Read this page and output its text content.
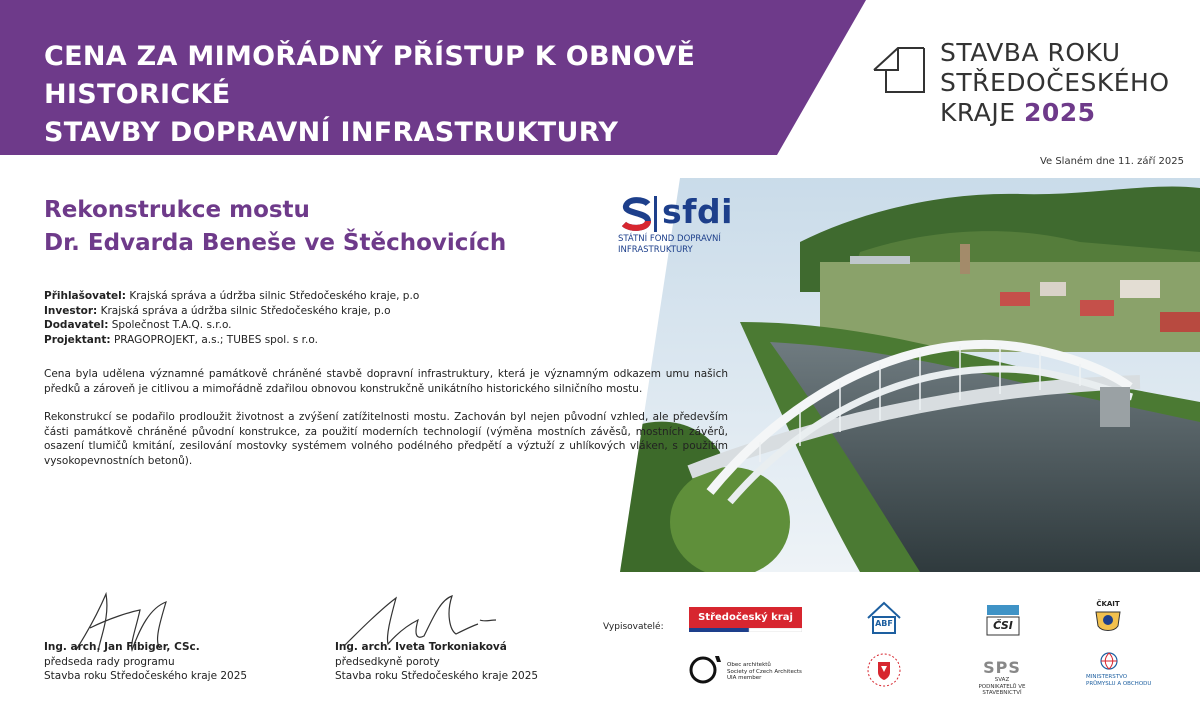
CENA ZA MIMOŘÁDNÝ PŘÍSTUP K OBNOVĚ HISTORICKÉ
STAVBY DOPRAVNÍ INFRASTRUKTURY
STAVBA ROKU
STŘEDOČESKÉHO
KRAJE 2025
Ve Slaném dne 11. září 2025
Rekonstrukce mostu
Dr. Edvarda Beneše ve Štěchovicích
sfdi
STÁTNÍ FOND DOPRAVNÍ
INFRASTRUKTURY
Přihlašovatel: Krajská správa a údržba silnic Středočeského kraje, p.o
Investor: Krajská správa a údržba silnic Středočeského kraje, p.o
Dodavatel: Společnost T.A.Q. s.r.o.
Projektant: PRAGOPROJEKT, a.s.; TUBES spol. s r.o.

Cena byla udělena významné památkově chráněné stavbě dopravní infrastruktury, která je významným odkazem umu našich předků a zároveň je citlivou a mimořádně zdařilou obnovou konstrukčně unikátního historického silničního mostu.

Rekonstrukcí se podařilo prodloužit životnost a zvýšení zatížitelnosti mostu. Zachován byl nejen původní vzhled, ale především části památkově chráněné původní konstrukce, za použití moderních technologií (výměna mostních závěsů, mostních závěrů, osazení tlumičů kmitání, zesilování mostovky systémem volného podélného předpětí a výztuží z uhlíkových vláken, s použitím vysokopevnostních betonů).

Ing. arch. Jan Fibiger, CSc.
předseda rady programu
Stavba roku Středočeského kraje 2025
Ing. arch. Iveta Torkoniaková
předsedkyně poroty
Stavba roku Středočeského kraje 2025
Vypisovatelé:
Středočeský kraj
ABF	ČSI
ČKAIT
Obec architektů
Society of Czech Architects
UIA member
SPS
SVAZ PODNIKATELŮ VE STAVEBNICTVÍ
MINISTERSTVO
PRŮMYSLU A OBCHODU
